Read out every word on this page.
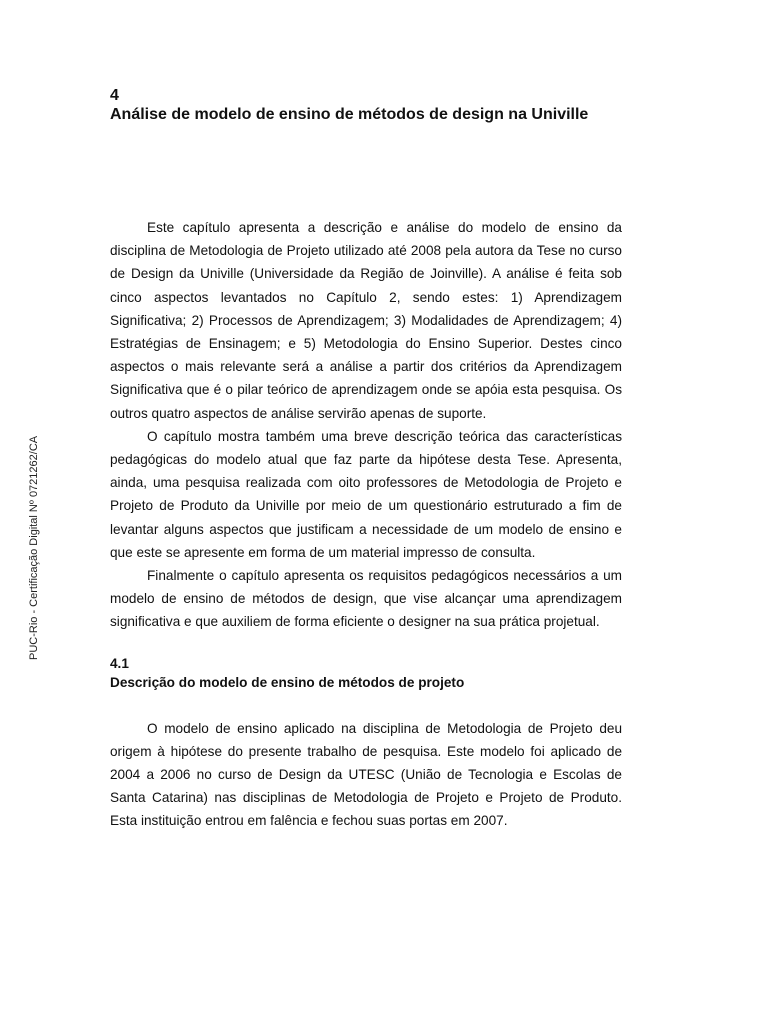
PUC-Rio - Certificação Digital Nº 0721262/CA

4

Análise de modelo de ensino de métodos de design na Univille

Este capítulo apresenta a descrição e análise do modelo de ensino da disciplina de Metodologia de Projeto utilizado até 2008 pela autora da Tese no curso de Design da Univille (Universidade da Região de Joinville). A análise é feita sob cinco aspectos levantados no Capítulo 2, sendo estes: 1) Aprendizagem Significativa; 2) Processos de Aprendizagem; 3) Modalidades de Aprendizagem; 4) Estratégias de Ensinagem; e 5) Metodologia do Ensino Superior. Destes cinco aspectos o mais relevante será a análise a partir dos critérios da Aprendizagem Significativa que é o pilar teórico de aprendizagem onde se apóia esta pesquisa. Os outros quatro aspectos de análise servirão apenas de suporte.

O capítulo mostra também uma breve descrição teórica das características pedagógicas do modelo atual que faz parte da hipótese desta Tese. Apresenta, ainda, uma pesquisa realizada com oito professores de Metodologia de Projeto e Projeto de Produto da Univille por meio de um questionário estruturado a fim de levantar alguns aspectos que justificam a necessidade de um modelo de ensino e que este se apresente em forma de um material impresso de consulta.

Finalmente o capítulo apresenta os requisitos pedagógicos necessários a um modelo de ensino de métodos de design, que vise alcançar uma aprendizagem significativa e que auxiliem de forma eficiente o designer na sua prática projetual.

4.1

Descrição do modelo de ensino de métodos de projeto

O modelo de ensino aplicado na disciplina de Metodologia de Projeto deu origem à hipótese do presente trabalho de pesquisa. Este modelo foi aplicado de 2004 a 2006 no curso de Design da UTESC (União de Tecnologia e Escolas de Santa Catarina) nas disciplinas de Metodologia de Projeto e Projeto de Produto. Esta instituição entrou em falência e fechou suas portas em 2007.
